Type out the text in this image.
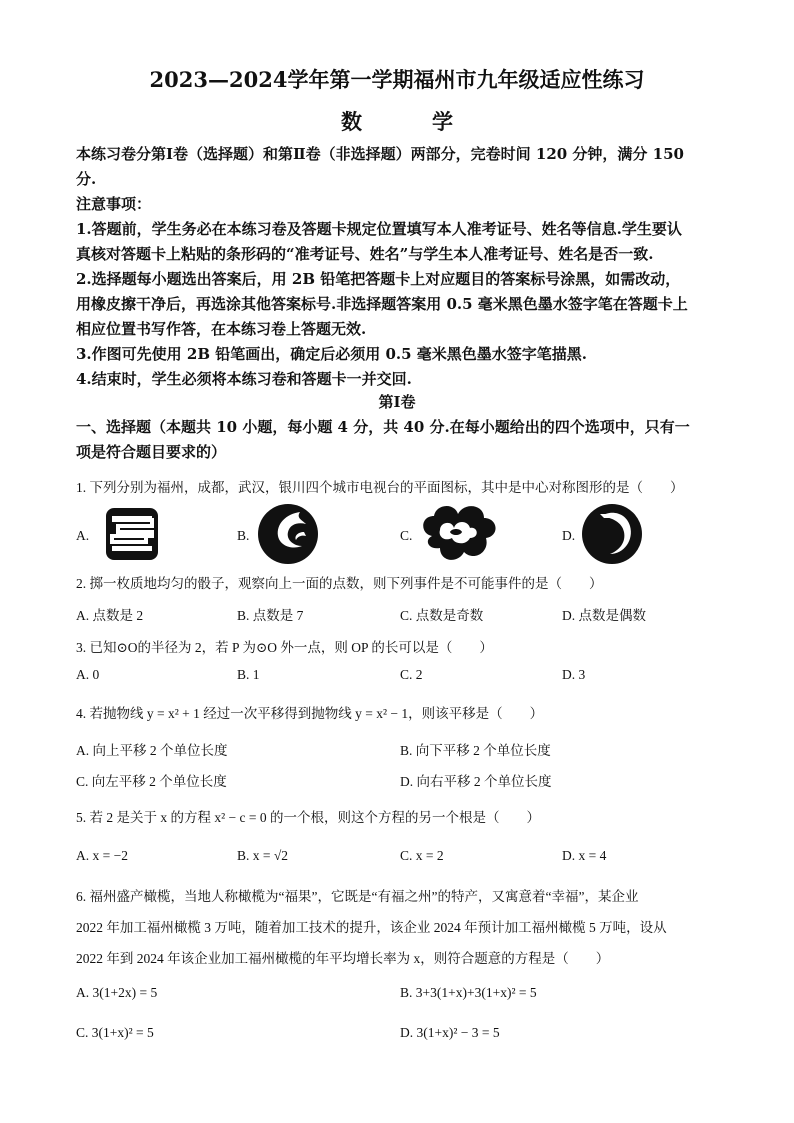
2023—2024学年第一学期福州市九年级适应性练习
数学
本练习卷分第Ⅰ卷（选择题）和第Ⅱ卷（非选择题）两部分，完卷时间 120 分钟，满分 150
分.
注意事项：
1.答题前，学生务必在本练习卷及答题卡规定位置填写本人准考证号、姓名等信息.学生要认
真核对答题卡上粘贴的条形码的“准考证号、姓名”与学生本人准考证号、姓名是否一致.
2.选择题每小题选出答案后，用 2B 铅笔把答题卡上对应题目的答案标号涂黑，如需改动，
用橡皮擦干净后，再选涂其他答案标号.非选择题答案用 0.5 毫米黑色墨水签字笔在答题卡上
相应位置书写作答，在本练习卷上答题无效.
3.作图可先使用 2B 铅笔画出，确定后必须用 0.5 毫米黑色墨水签字笔描黑.
4.结束时，学生必须将本练习卷和答题卡一并交回.
第Ⅰ卷
一、选择题（本题共 10 小题，每小题 4 分，共 40 分.在每小题给出的四个选项中，只有一
项是符合题目要求的）
1. 下列分别为福州，成都，武汉，银川四个城市电视台的平面图标，其中是中心对称图形的是（　　）
A.	B.	C.	D.
2. 掷一枚质地均匀的骰子，观察向上一面的点数，则下列事件是不可能事件的是（　　）
A. 点数是 2	B. 点数是 7	C. 点数是奇数	D. 点数是偶数
3. 已知⊙O的半径为 2，若 P 为⊙O 外一点，则 OP 的长可以是（　　）
A. 0	B. 1	C. 2	D. 3
4. 若抛物线 y = x² + 1 经过一次平移得到抛物线 y = x² − 1，则该平移是（　　）
A. 向上平移 2 个单位长度	B. 向下平移 2 个单位长度
C. 向左平移 2 个单位长度	D. 向右平移 2 个单位长度
5. 若 2 是关于 x 的方程 x² − c = 0 的一个根，则这个方程的另一个根是（　　）
A. x = −2	B. x = √2	C. x = 2	D. x = 4
6. 福州盛产橄榄，当地人称橄榄为“福果”，它既是“有福之州”的特产，又寓意着“幸福”，某企业
2022 年加工福州橄榄 3 万吨，随着加工技术的提升，该企业 2024 年预计加工福州橄榄 5 万吨，设从
2022 年到 2024 年该企业加工福州橄榄的年平均增长率为 x，则符合题意的方程是（　　）
A. 3(1+2x) = 5	B. 3+3(1+x)+3(1+x)² = 5
C. 3(1+x)² = 5	D. 3(1+x)² − 3 = 5
